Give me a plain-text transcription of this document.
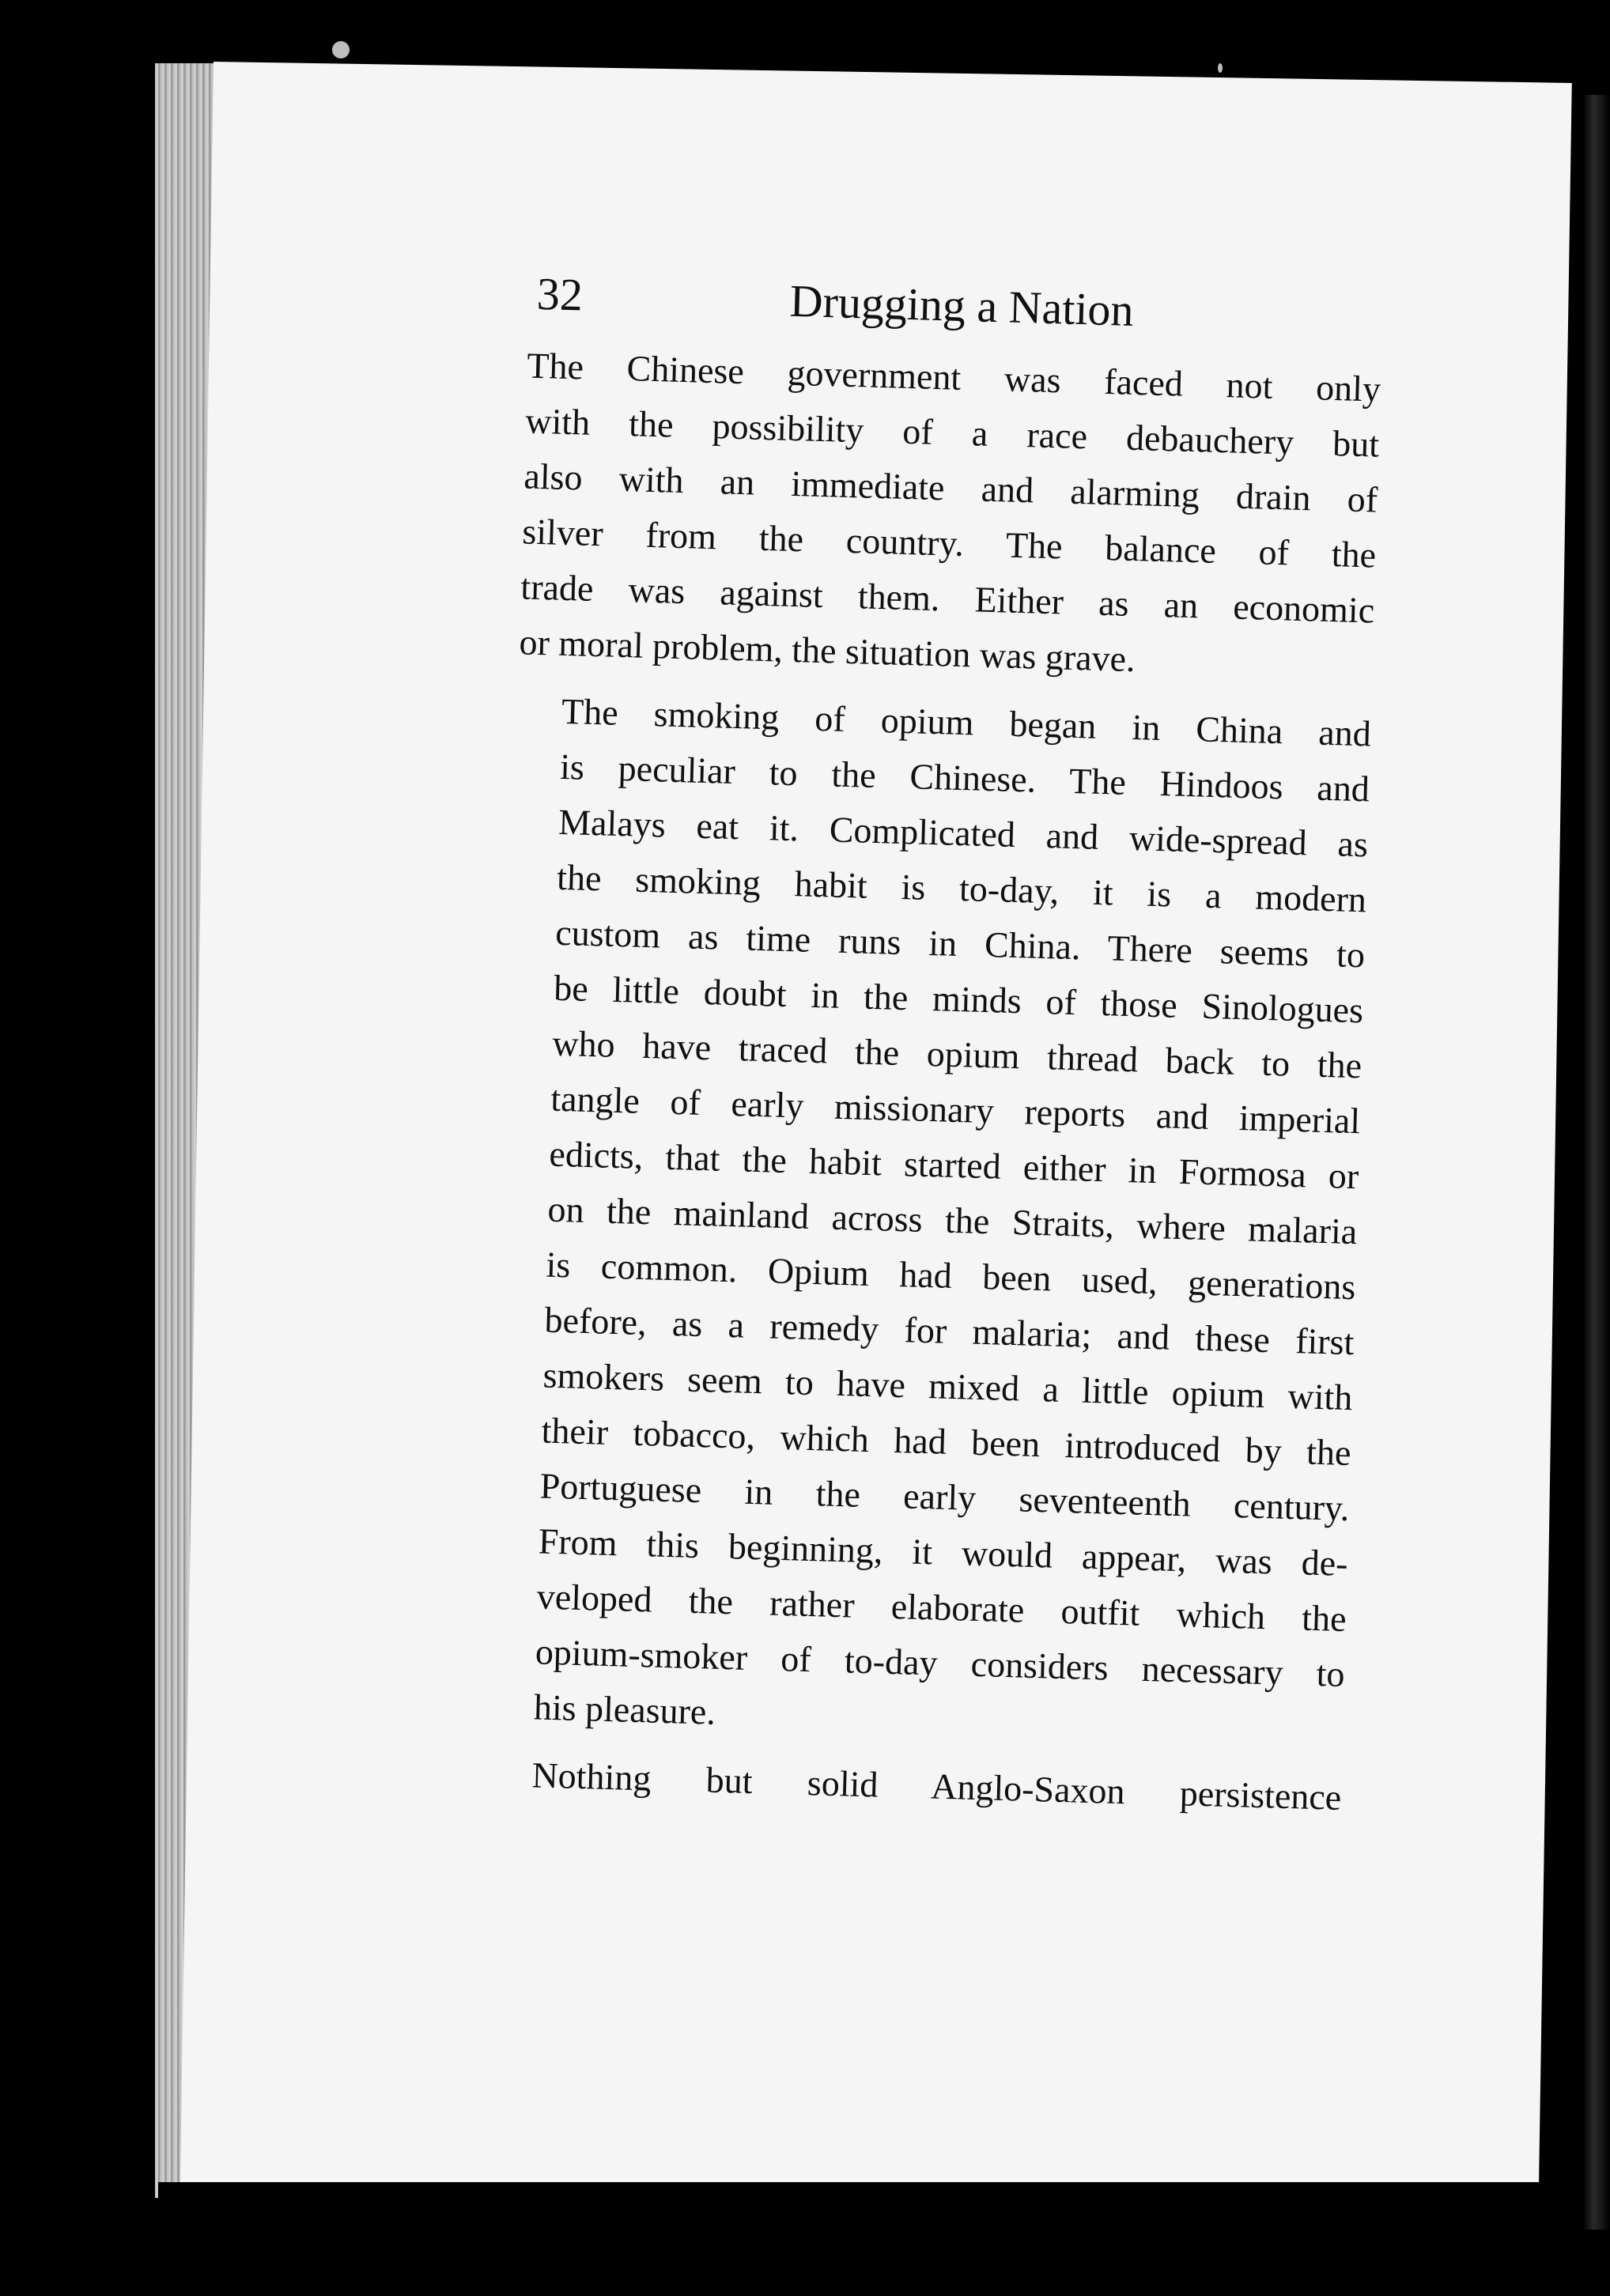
32	Drugging a Nation

The Chinese government was faced not only
with the possibility of a race debauchery but
also with an immediate and alarming drain of
silver from the country. The balance of the
trade was against them. Either as an economic
or moral problem, the situation was grave.

The smoking of opium began in China and
is peculiar to the Chinese. The Hindoos and
Malays eat it. Complicated and wide-spread as
the smoking habit is to-day, it is a modern
custom as time runs in China. There seems to
be little doubt in the minds of those Sinologues
who have traced the opium thread back to the
tangle of early missionary reports and imperial
edicts, that the habit started either in Formosa or
on the mainland across the Straits, where malaria
is common. Opium had been used, generations
before, as a remedy for malaria; and these first
smokers seem to have mixed a little opium with
their tobacco, which had been introduced by the
Portuguese in the early seventeenth century.
From this beginning, it would appear, was de-
veloped the rather elaborate outfit which the
opium-smoker of to-day considers necessary to
his pleasure.

Nothing but solid Anglo-Saxon persistence
